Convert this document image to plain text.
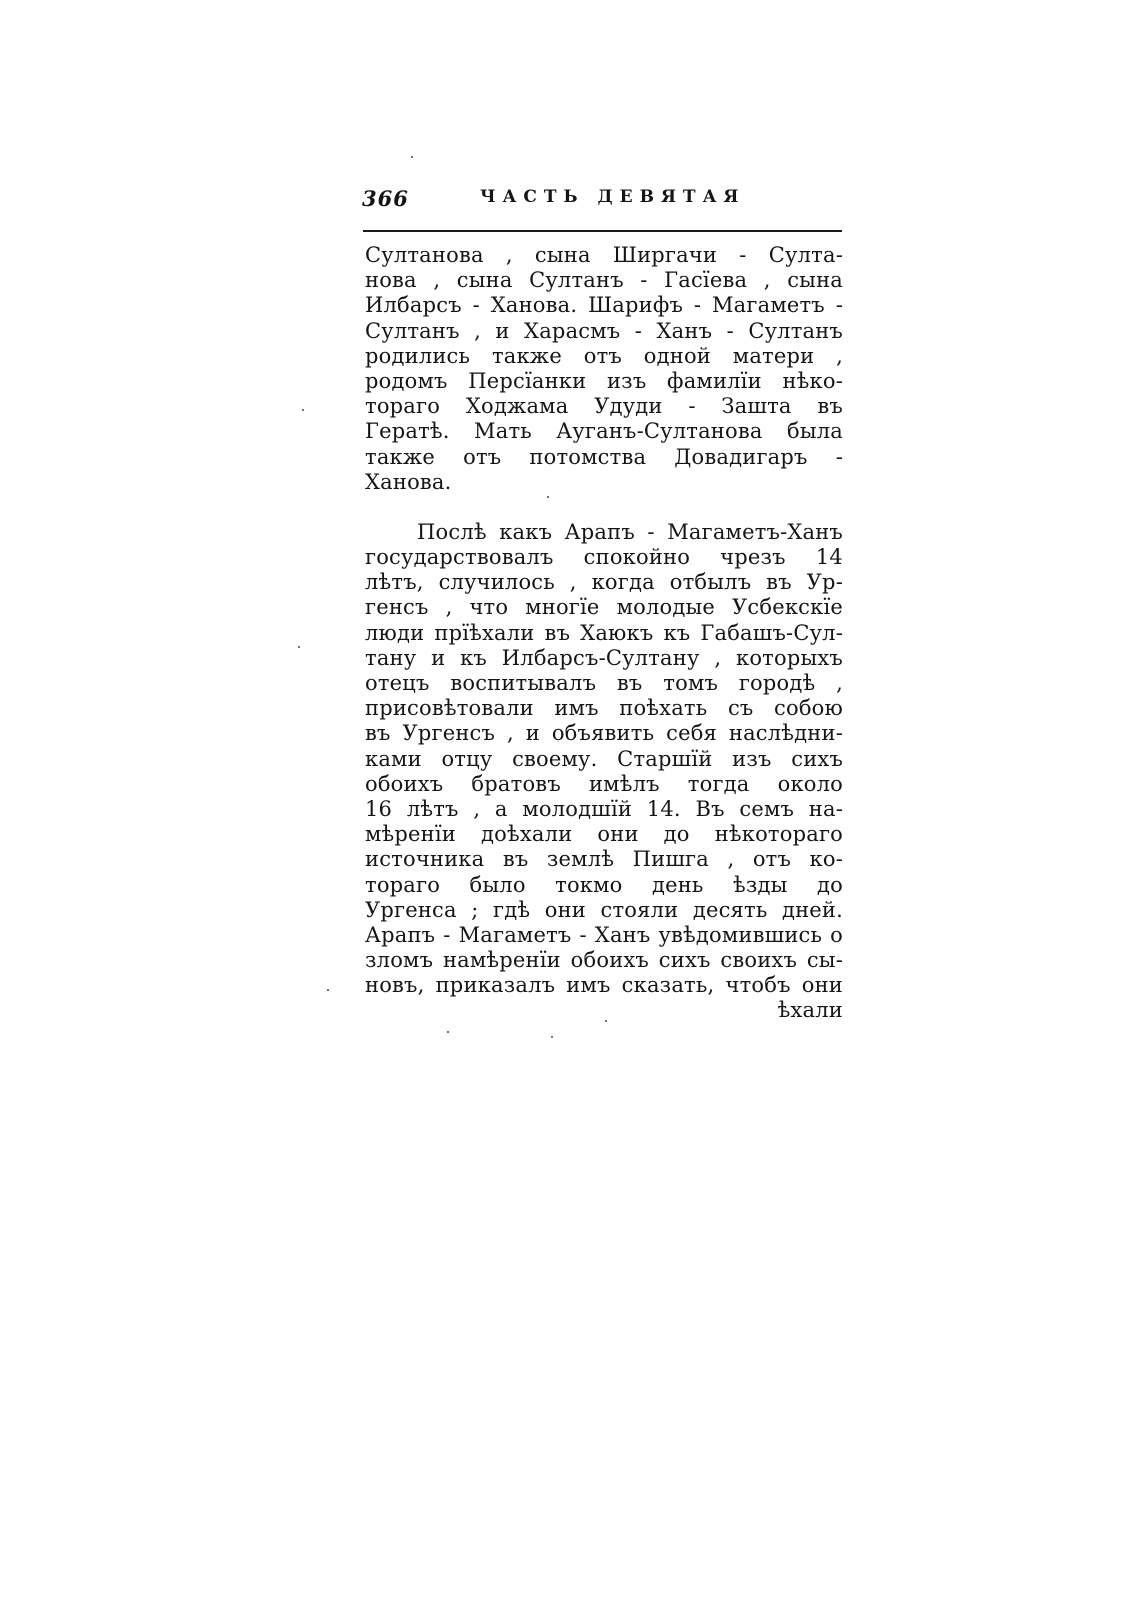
366	ЧАСТЬ ДЕВЯТАЯ
Султанова , сына Ширгачи - Султа-
нова , сына Султанъ - Гасїева , сына
Илбарсъ - Ханова. Шарифъ - Магаметъ -
Султанъ , и Харасмъ - Ханъ - Султанъ
родились также отъ одной матери ,
родомъ Персїанки изъ фамилїи нѣко-
тораго Ходжама Удуди - Зашта въ
Гератѣ. Мать Ауганъ-Султанова была
также отъ потомства Довадигаръ -
Ханова.
Послѣ какъ Арапъ - Магаметъ-Ханъ
государствовалъ спокойно чрезъ 14
лѣтъ, случилось , когда отбылъ въ Ур-
генсъ , что многїе молодые Усбекскїе
люди прїѣхали въ Хаюкъ къ Габашъ-Сул-
тану и къ Илбарсъ-Султану , которыхъ
отецъ воспитывалъ въ томъ городѣ ,
присовѣтовали имъ поѣхать съ собою
въ Ургенсъ , и объявить себя наслѣдни-
ками отцу своему. Старшїй изъ сихъ
обоихъ братовъ имѣлъ тогда около
16 лѣтъ , а молодшїй 14. Въ семъ на-
мѣренїи доѣхали они до нѣкотораго
источника въ землѣ Пишга , отъ ко-
тораго было токмо день ѣзды до
Ургенса ; гдѣ они стояли десять дней.
Арапъ - Магаметъ - Ханъ увѣдомившись о
зломъ намѣренїи обоихъ сихъ своихъ сы-
новъ, приказалъ имъ сказать, чтобъ они
ѣхали
